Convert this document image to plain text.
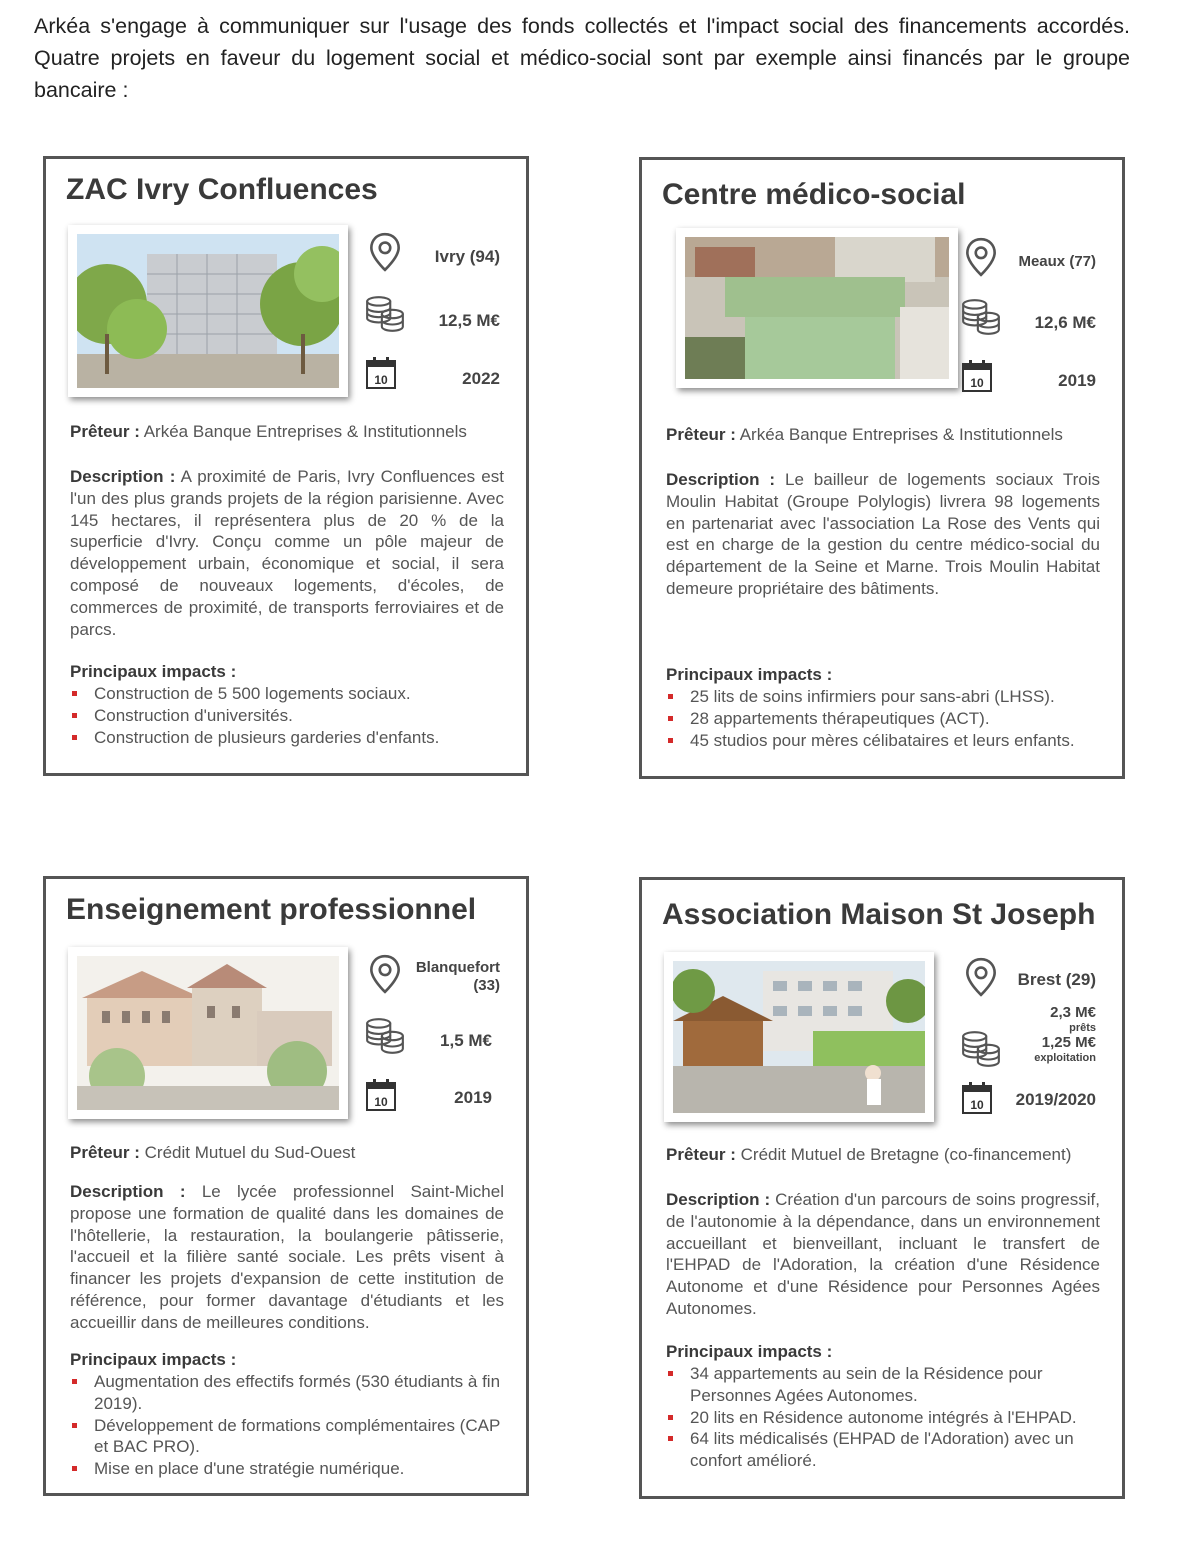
Arkéa s'engage à communiquer sur l'usage des fonds collectés et l'impact social des financements accordés. Quatre projets en faveur du logement social et médico-social sont par exemple ainsi financés par le groupe bancaire :
ZAC Ivry Confluences
Ivry (94)
12,5 M€
10	2022
Prêteur : Arkéa Banque Entreprises & Institutionnels
Description : A proximité de Paris, Ivry Confluences est l'un des plus grands projets de la région parisienne. Avec 145 hectares, il représentera plus de 20 % de la superficie d'Ivry. Conçu comme un pôle majeur de développement urbain, économique et social, il sera composé de nouveaux logements, d'écoles, de commerces de proximité, de transports ferroviaires et de parcs.
Principaux impacts :
Construction de 5 500 logements sociaux.
Construction d'universités.
Construction de plusieurs garderies d'enfants.
Centre médico-social
Meaux (77)
12,6 M€
10	2019
Prêteur : Arkéa Banque Entreprises & Institutionnels
Description : Le bailleur de logements sociaux Trois Moulin Habitat (Groupe Polylogis) livrera 98 logements en partenariat avec l'association La Rose des Vents qui est en charge de la gestion du centre médico-social du département de la Seine et Marne. Trois Moulin Habitat demeure propriétaire des bâtiments.
Principaux impacts :
25 lits de soins infirmiers pour sans-abri (LHSS).
28 appartements thérapeutiques (ACT).
45 studios pour mères célibataires et leurs enfants.
Enseignement professionnel
Blanquefort (33)
1,5 M€
10	2019
Prêteur : Crédit Mutuel du Sud-Ouest
Description : Le lycée professionnel Saint-Michel propose une formation de qualité dans les domaines de l'hôtellerie, la restauration, la boulangerie pâtisserie, l'accueil et la filière santé sociale. Les prêts visent à financer les projets d'expansion de cette institution de référence, pour former davantage d'étudiants et les accueillir dans de meilleures conditions.
Principaux impacts :
Augmentation des effectifs formés (530 étudiants à fin 2019).
Développement de formations complémentaires (CAP et BAC PRO).
Mise en place d'une stratégie numérique.
Association Maison St Joseph
Brest (29)
2,3 M€
prêts
1,25 M€
exploitation
10 2019/2020
Prêteur : Crédit Mutuel de Bretagne (co-financement)
Description : Création d'un parcours de soins progressif, de l'autonomie à la dépendance, dans un environnement accueillant et bienveillant, incluant le transfert de l'EHPAD de l'Adoration, la création d'une Résidence Autonome et d'une Résidence pour Personnes Agées Autonomes.
Principaux impacts :
34 appartements au sein de la Résidence pour Personnes Agées Autonomes.
20 lits en Résidence autonome intégrés à l'EHPAD.
64 lits médicalisés (EHPAD de l'Adoration) avec un confort amélioré.
